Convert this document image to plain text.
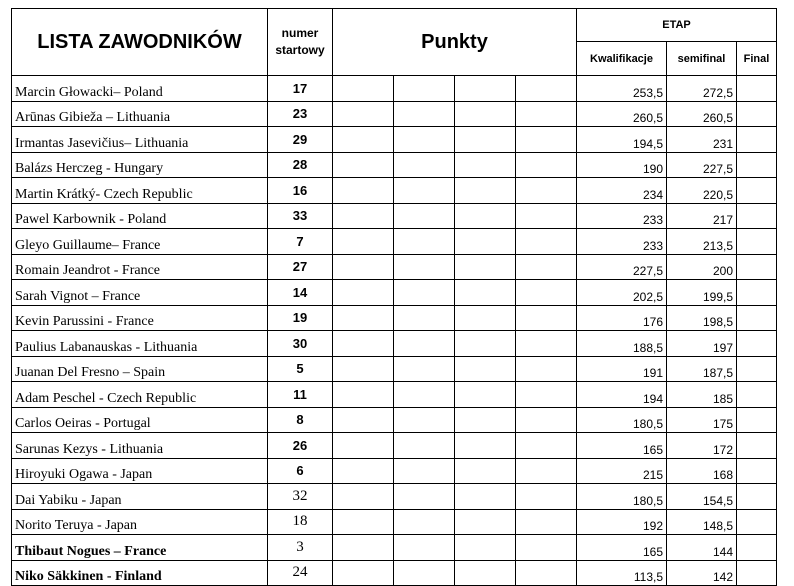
LISTA ZAWODNIKÓW	numer
startowy	Punkty				ETAP		
						Kwalifikacje	semifinal	Final
Marcin Głowacki– Poland	17					253,5	272,5	
Arūnas Gibieža – Lithuania	23					260,5	260,5	
Irmantas Jasevičius– Lithuania	29					194,5	231	
Balázs Herczeg - Hungary	28					190	227,5	
Martin Krátký- Czech Republic	16					234	220,5	
Pawel Karbownik - Poland	33					233	217	
Gleyo Guillaume– France	7					233	213,5	
Romain Jeandrot - France	27					227,5	200	
Sarah Vignot – France	14					202,5	199,5	
Kevin Parussini - France	19					176	198,5	
Paulius Labanauskas - Lithuania	30					188,5	197	
Juanan Del Fresno – Spain	5					191	187,5	
Adam Peschel - Czech Republic	11					194	185	
Carlos Oeiras - Portugal	8					180,5	175	
Sarunas Kezys - Lithuania	26					165	172	
Hiroyuki Ogawa - Japan	6					215	168	
Dai Yabiku - Japan	32					180,5	154,5	
Norito Teruya - Japan	18					192	148,5	
Thibaut Nogues – France	3					165	144	
Niko Säkkinen - Finland	24					113,5	142	
